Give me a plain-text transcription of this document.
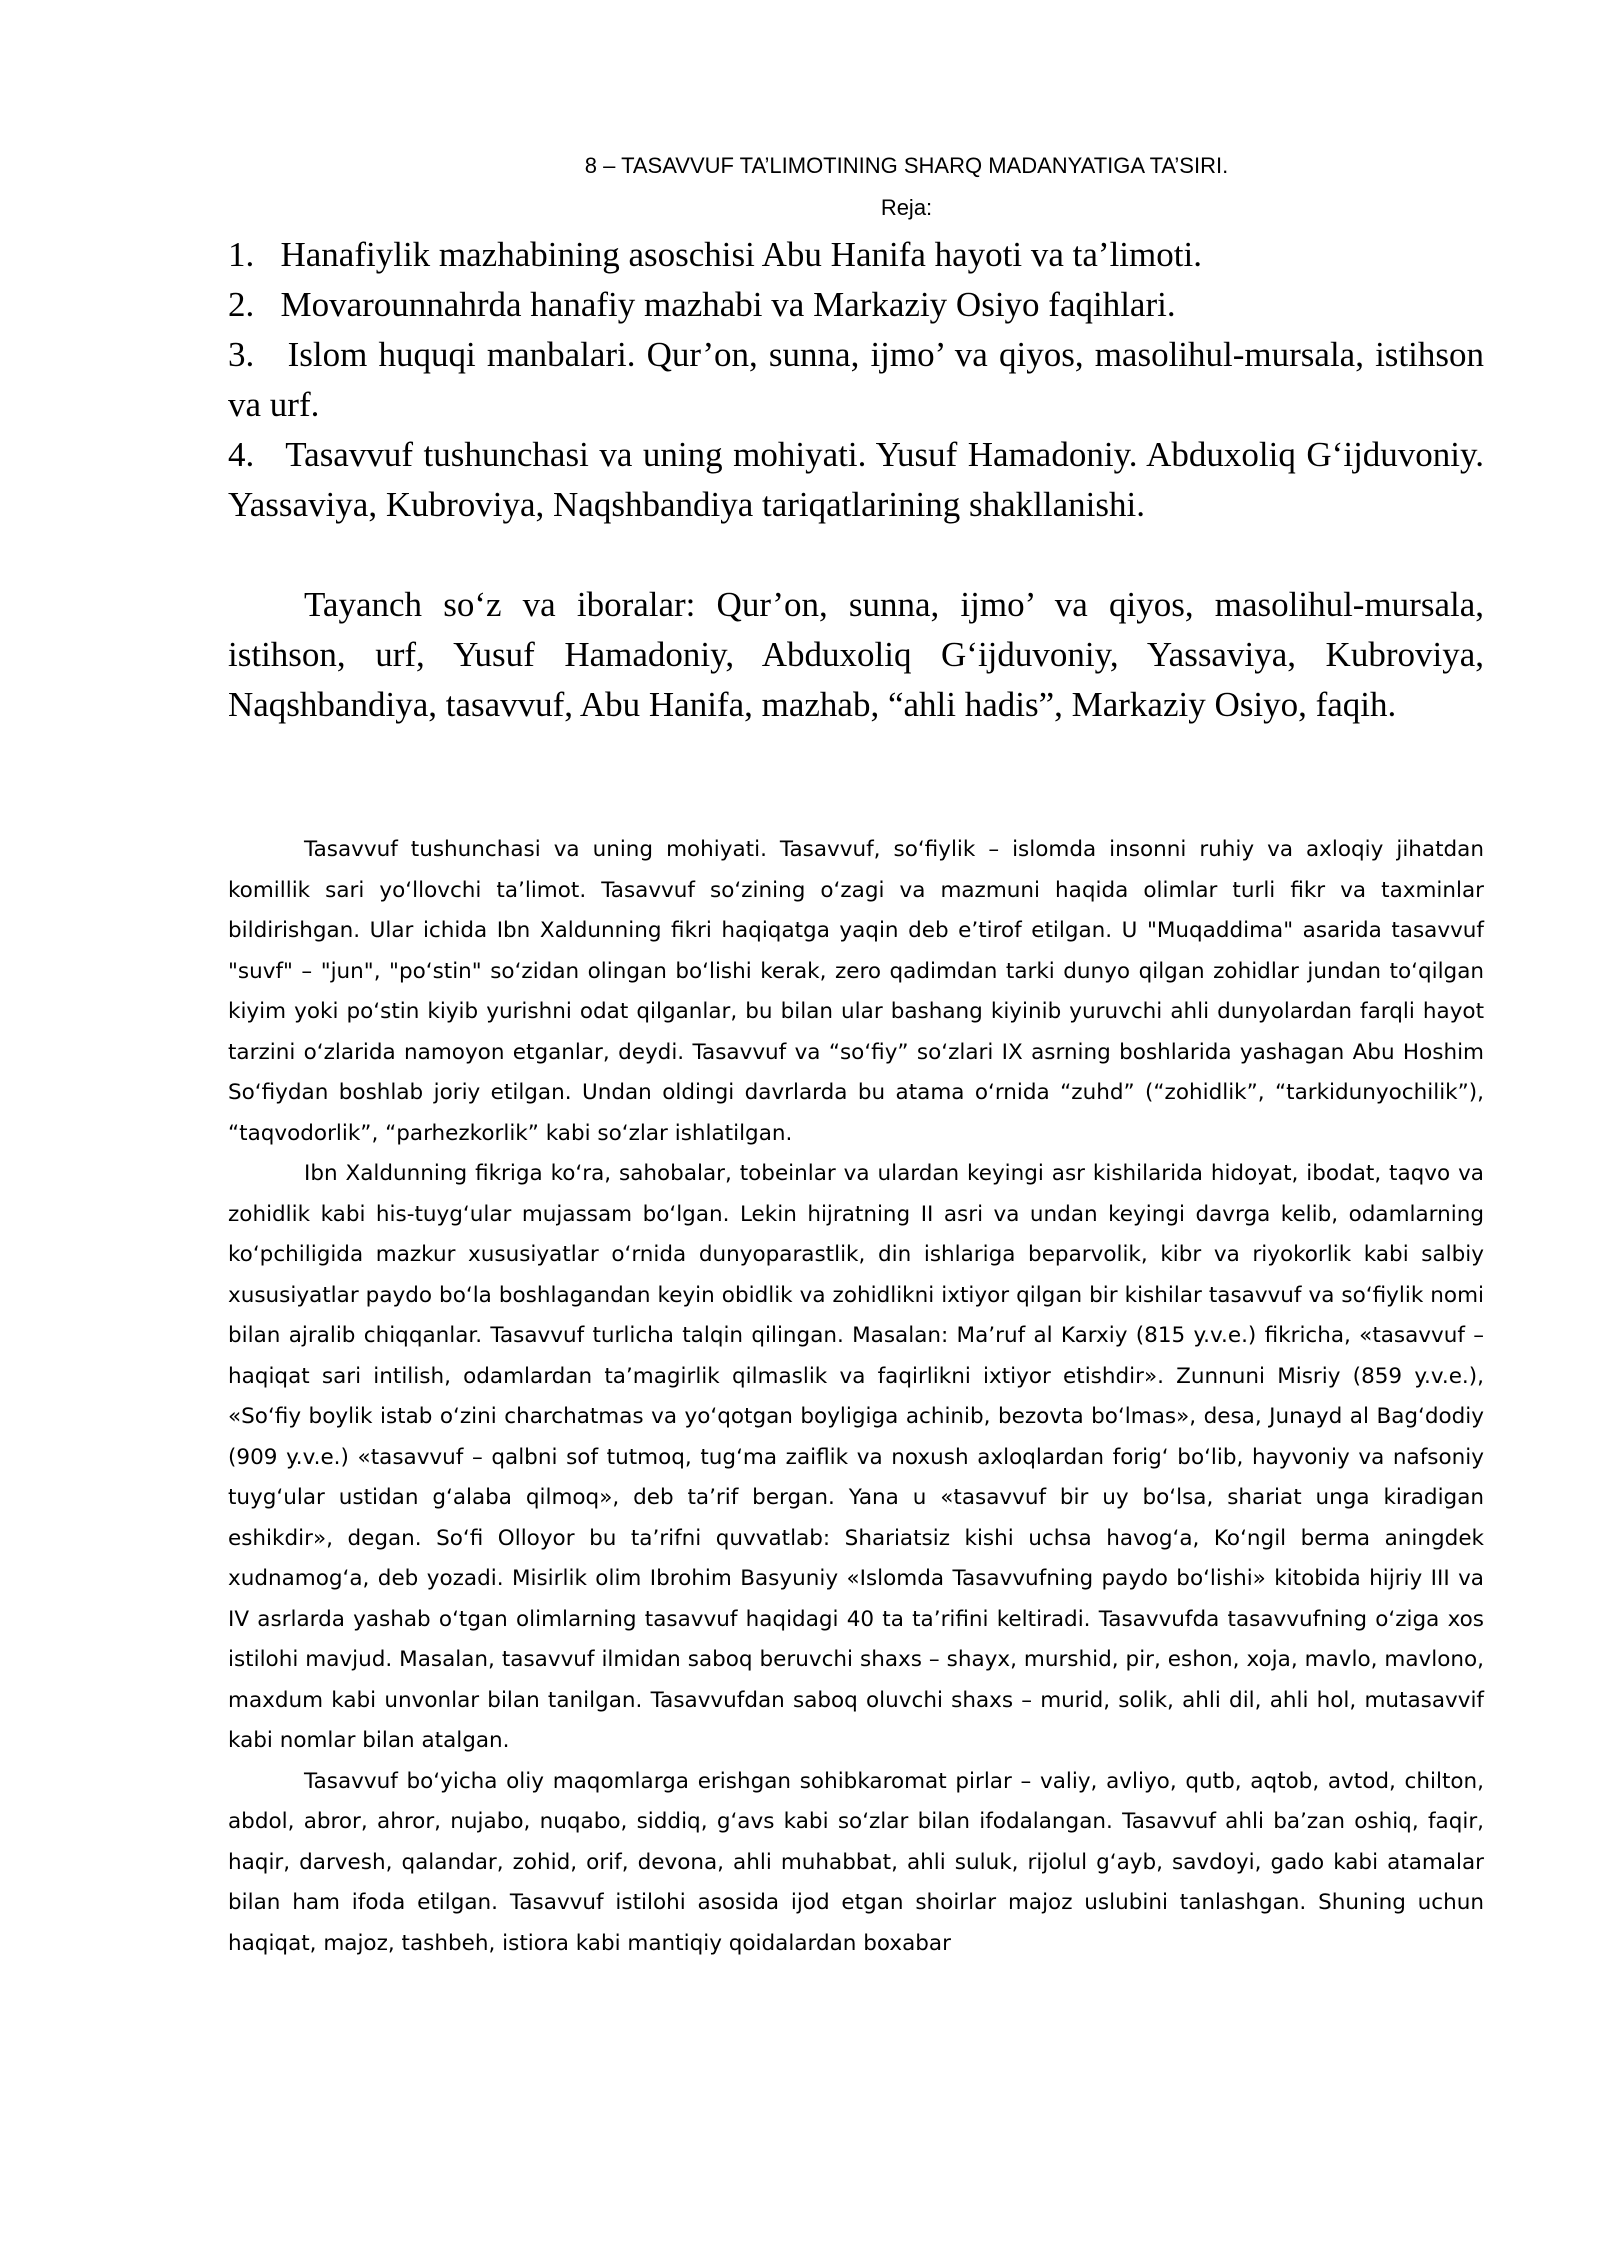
8 – TASAVVUF TA’LIMOTINING SHARQ MADANYATIGA TA’SIRI.
Reja:
1.   Hanafiylik mazhabining asoschisi Abu Hanifa hayoti va ta’limoti.
2.   Movarounnahrda hanafiy mazhabi va Markaziy Osiyo faqihlari.
3.   Islom huquqi manbalari. Qur’on, sunna, ijmo’ va qiyos, masolihul-mursala, istihson va urf.
4.   Tasavvuf tushunchasi va uning mohiyati. Yusuf Hamadoniy. Abduxoliq G‘ijduvoniy. Yassaviya, Kubroviya, Naqshbandiya tariqatlarining shakllanishi.

Tayanch so‘z va iboralar: Qur’on, sunna, ijmo’ va qiyos, masolihul-mursala, istihson, urf, Yusuf Hamadoniy, Abduxoliq G‘ijduvoniy, Yassaviya, Kubroviya, Naqshbandiya, tasavvuf, Abu Hanifa, mazhab, “ahli hadis”, Markaziy Osiyo, faqih.

Tasavvuf tushunchasi va uning mohiyati. Tasavvuf, so‘fiylik – islomda insonni ruhiy va axloqiy jihatdan komillik sari yo‘llovchi ta’limot. Tasavvuf so‘zining o‘zagi va mazmuni haqida olimlar turli fikr va taxminlar bildirishgan. Ular ichida Ibn Xaldunning fikri haqiqatga yaqin deb e’tirof etilgan. U "Muqaddima" asarida tasavvuf "suvf" – "jun", "po‘stin" so‘zidan olingan bo‘lishi kerak, zero qadimdan tarki dunyo qilgan zohidlar jundan to‘qilgan kiyim yoki po‘stin kiyib yurishni odat qilganlar, bu bilan ular bashang kiyinib yuruvchi ahli dunyolardan farqli hayot tarzini o‘zlarida namoyon etganlar, deydi. Tasavvuf va “so‘fiy” so‘zlari IX asrning boshlarida yashagan Abu Hoshim So‘fiydan boshlab joriy etilgan. Undan oldingi davrlarda bu atama o‘rnida “zuhd” (“zohidlik”, “tarkidunyochilik”), “taqvodorlik”, “parhezkorlik” kabi so‘zlar ishlatilgan.

Ibn Xaldunning fikriga ko‘ra, sahobalar, tobeinlar va ulardan keyingi asr kishilarida hidoyat, ibodat, taqvo va zohidlik kabi his-tuyg‘ular mujassam bo‘lgan. Lekin hijratning II asri va undan keyingi davrga kelib, odamlarning ko‘pchiligida mazkur xususiyatlar o‘rnida dunyoparastlik, din ishlariga beparvolik, kibr va riyokorlik kabi salbiy xususiyatlar paydo bo‘la boshlagandan keyin obidlik va zohidlikni ixtiyor qilgan bir kishilar tasavvuf va so‘fiylik nomi bilan ajralib chiqqanlar. Tasavvuf turlicha talqin qilingan. Masalan: Ma’ruf al Karxiy (815 y.v.e.) fikricha, «tasavvuf – haqiqat sari intilish, odamlardan ta’magirlik qilmaslik va faqirlikni ixtiyor etishdir». Zunnuni Misriy (859 y.v.e.), «So‘fiy boylik istab o‘zini charchatmas va yo‘qotgan boyligiga achinib, bezovta bo‘lmas», desa, Junayd al Bag‘dodiy (909 y.v.e.) «tasavvuf – qalbni sof tutmoq, tug‘ma zaiflik va noxush axloqlardan forig‘ bo‘lib, hayvoniy va nafsoniy tuyg‘ular ustidan g‘alaba qilmoq», deb ta’rif bergan. Yana u «tasavvuf bir uy bo‘lsa, shariat unga kiradigan eshikdir», degan. So‘fi Olloyor bu ta’rifni quvvatlab: Shariatsiz kishi uchsa havog‘a, Ko‘ngil berma aningdek xudnamog‘a, deb yozadi. Misirlik olim Ibrohim Basyuniy «Islomda Tasavvufning paydo bo‘lishi» kitobida hijriy III va IV asrlarda yashab o‘tgan olimlarning tasavvuf haqidagi 40 ta ta’rifini keltiradi. Tasavvufda tasavvufning o‘ziga xos istilohi mavjud. Masalan, tasavvuf ilmidan saboq beruvchi shaxs – shayx, murshid, pir, eshon, xoja, mavlo, mavlono, maxdum kabi unvonlar bilan tanilgan. Tasavvufdan saboq oluvchi shaxs – murid, solik, ahli dil, ahli hol, mutasavvif kabi nomlar bilan atalgan.

Tasavvuf bo‘yicha oliy maqomlarga erishgan sohibkaromat pirlar – valiy, avliyo, qutb, aqtob, avtod, chilton, abdol, abror, ahror, nujabo, nuqabo, siddiq, g‘avs kabi so‘zlar bilan ifodalangan. Tasavvuf ahli ba’zan oshiq, faqir, haqir, darvesh, qalandar, zohid, orif, devona, ahli muhabbat, ahli suluk, rijolul g‘ayb, savdoyi, gado kabi atamalar bilan ham ifoda etilgan. Tasavvuf istilohi asosida ijod etgan shoirlar majoz uslubini tanlashgan. Shuning uchun haqiqat, majoz, tashbeh, istiora kabi mantiqiy qoidalardan boxabar
